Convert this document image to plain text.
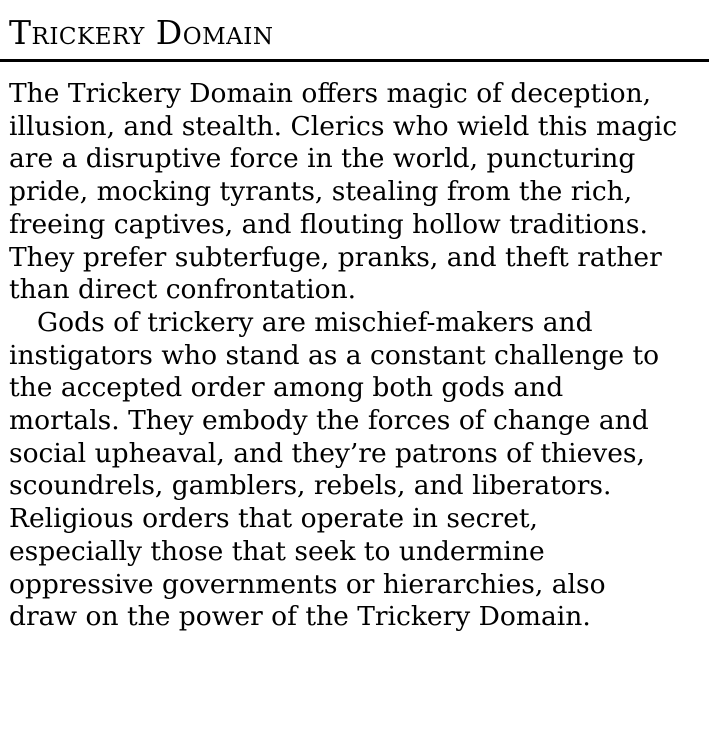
Trickery Domain

The Trickery Domain offers magic of deception,
illusion, and stealth. Clerics who wield this magic
are a disruptive force in the world, puncturing
pride, mocking tyrants, stealing from the rich,
freeing captives, and flouting hollow traditions.
They prefer subterfuge, pranks, and theft rather
than direct confrontation.

Gods of trickery are mischief-makers and
instigators who stand as a constant challenge to
the accepted order among both gods and
mortals. They embody the forces of change and
social upheaval, and they’re patrons of thieves,
scoundrels, gamblers, rebels, and liberators.
Religious orders that operate in secret,
especially those that seek to undermine
oppressive governments or hierarchies, also
draw on the power of the Trickery Domain.
